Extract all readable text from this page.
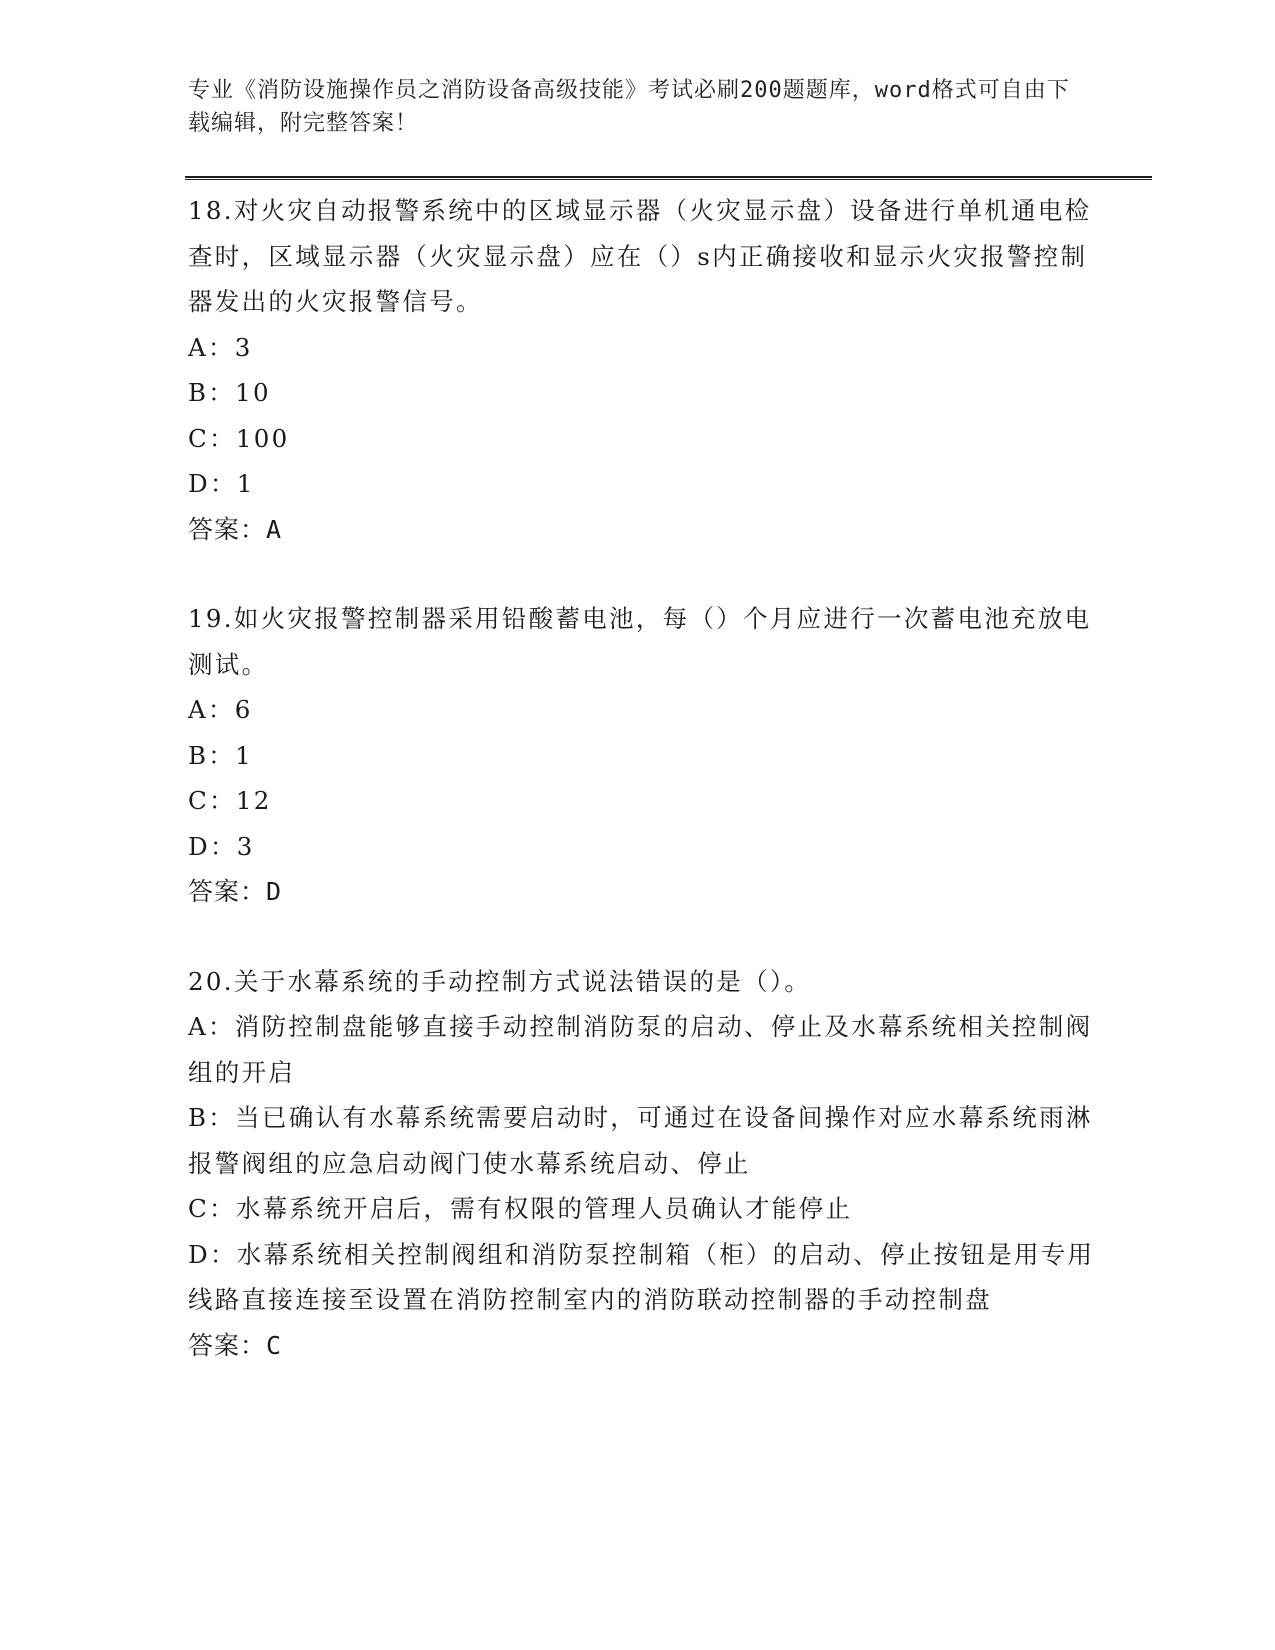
专业《消防设施操作员之消防设备高级技能》考试必刷200题题库，word格式可自由下载编辑，附完整答案！

18.对火灾自动报警系统中的区域显示器（火灾显示盘）设备进行单机通电检查时，区域显示器（火灾显示盘）应在（）s内正确接收和显示火灾报警控制器发出的火灾报警信号。

A：3

B：10

C：100

D：1

答案：A

19.如火灾报警控制器采用铅酸蓄电池，每（）个月应进行一次蓄电池充放电测试。

A：6

B：1

C：12

D：3

答案：D

20.关于水幕系统的手动控制方式说法错误的是（）。

A：消防控制盘能够直接手动控制消防泵的启动、停止及水幕系统相关控制阀组的开启

B：当已确认有水幕系统需要启动时，可通过在设备间操作对应水幕系统雨淋报警阀组的应急启动阀门使水幕系统启动、停止

C：水幕系统开启后，需有权限的管理人员确认才能停止

D：水幕系统相关控制阀组和消防泵控制箱（柜）的启动、停止按钮是用专用线路直接连接至设置在消防控制室内的消防联动控制器的手动控制盘

答案：C
